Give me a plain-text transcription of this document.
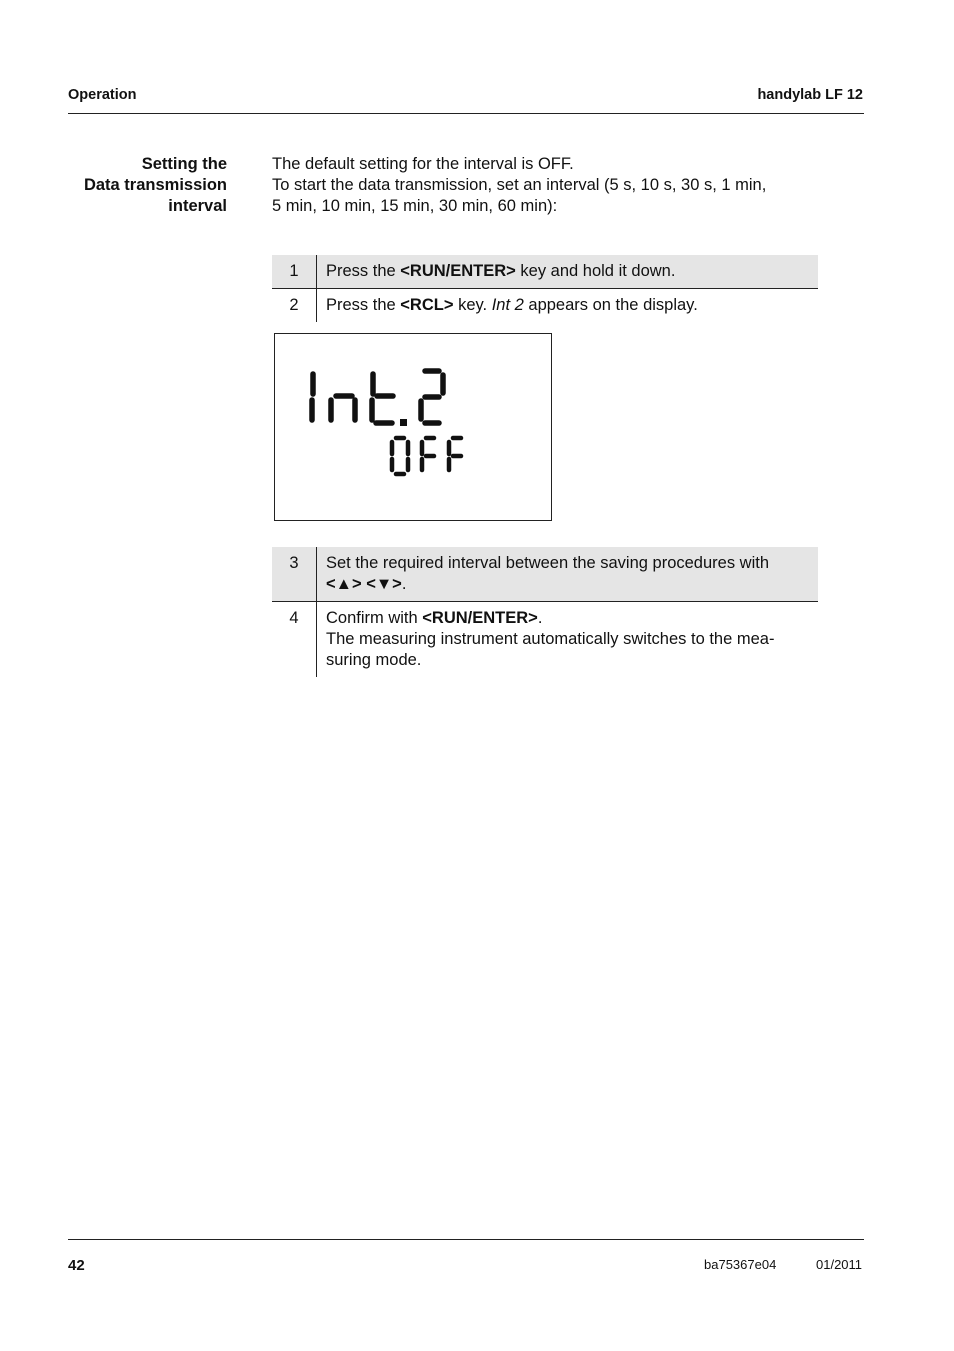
Operation	handylab LF 12
Setting the
Data transmission
interval
The default setting for the interval is OFF.
To start the data transmission, set an interval (5 s, 10 s, 30 s, 1 min,
5 min, 10 min, 15 min, 30 min, 60 min):
1	Press the <RUN/ENTER> key and hold it down.
2	Press the <RCL> key. Int 2 appears on the display.
3	Set the required interval between the saving procedures with
<▲> <▼>.
4	Confirm with <RUN/ENTER>.
The measuring instrument automatically switches to the mea-
suring mode.
42	ba75367e04	01/2011
